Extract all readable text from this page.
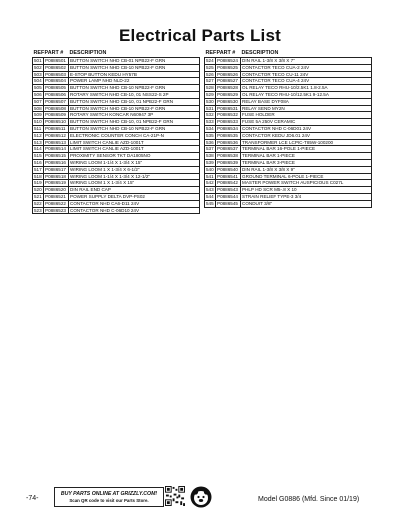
Electrical Parts List
REF	PART #	DESCRIPTION
501	P0886501	BUTTON SWITCH NHD CB-01 NPB22-F GRN
502	P0886502	BUTTON SWITCH NHD CB-10 NPB22-F GRN
503	P0886503	E-STOP BUTTON KEDU HY57B
504	P0886504	POWER LAMP NHD NLD-22
505	P0886505	BUTTON SWITCH NHD CB-10 NPB22-F GRN
506	P0886506	ROTARY SWITCH NHD CB-10, 01 NSS22-S 2P
507	P0886507	BUTTON SWITCH NHD CB-10, 01 NPB22-F GRN
508	P0886508	BUTTON SWITCH NHD CB-10 NPB22-F GRN
509	P0886509	ROTARY SWITCH KONCAR N60947 3P
510	P0886510	BUTTON SWITCH NHD CB-10, 01 NPB22-F GRN
511	P0886511	BUTTON SWITCH NHD CB-10 NPB22-F GRN
512	P0886512	ELECTRONIC COUNTER CONCH CA-21P-N
513	P0886513	LIMIT SWITCH CANLIE AZD-1001T
514	P0886514	LIMIT SWITCH CANLIE AZD-1001T
515	P0886515	PROXIMITY SENSOR TKT DA1805NO
516	P0886516	WIRING LOOM 1-1/4 X 1-3/4 X 15"
517	P0886517	WIRING LOOM 1 X 1-3/4 X 6-1/2"
518	P0886518	WIRING LOOM 1-1/4 X 1-3/4 X 12-1/2"
519	P0886519	WIRING LOOM 1 X 1-3/4 X 15"
520	P0886520	DIN RAIL END CAP
521	P0886521	POWER SUPPLY DELTA DVP-PS02
522	P0886522	CONTACTOR NHD CA6-D11 24V
523	P0886523	CONTACTOR NHD C-06D10 24V
REF	PART #	DESCRIPTION
524	P0886524	DIN RAIL 1-3/8 X 3/8 X 7"
525	P0886525	CONTACTOR TECO CUA-2 24V
526	P0886526	CONTACTOR TECO CU-11 24V
527	P0886527	CONTACTOR TECO CUA-4 24V
528	P0886528	OL RELAY TECO RHU-10/2.5K1 1.8-2.5A
529	P0886529	OL RELAY TECO RHU-10/12.5K1 9-12.5A
530	P0886530	RELAY BASE DYF08A
531	P0886531	RELAY SEND MY2N
532	P0886532	FUSE HOLDER
533	P0886533	FUSE 5A 250V CERAMIC
534	P0886534	CONTACTOR NHD C-06D01 24V
535	P0886535	CONTACTOR KEDU JD6.01 24V
536	P0886536	TRANSFORMER LCE LCPIC-T85W-100200
537	P0886537	TERMINAL BAR 16-POLE 1-PIECE
538	P0886538	TERMINAL BAR 1-PIECE
539	P0886539	TERMINAL BAR 3-PIECE
540	P0886540	DIN RAIL 1-3/8 X 3/8 X 9"
541	P0886541	GROUND TERMINAL 6-POLE 1-PIECE
542	P0886542	MASTER POWER SWITCH AUSPICIOUS C027L
543	P0886543	PHLP HD SCR M5-.8 X 10
544	P0886544	STRAIN RELIEF TYPE-3 3/4
545	P0886545	CONDUIT 3/8"
-74-
BUY PARTS ONLINE AT GRIZZLY.COM!
Scan QR code to visit our Parts Store.	Model G0886 (Mfd. Since 01/19)
